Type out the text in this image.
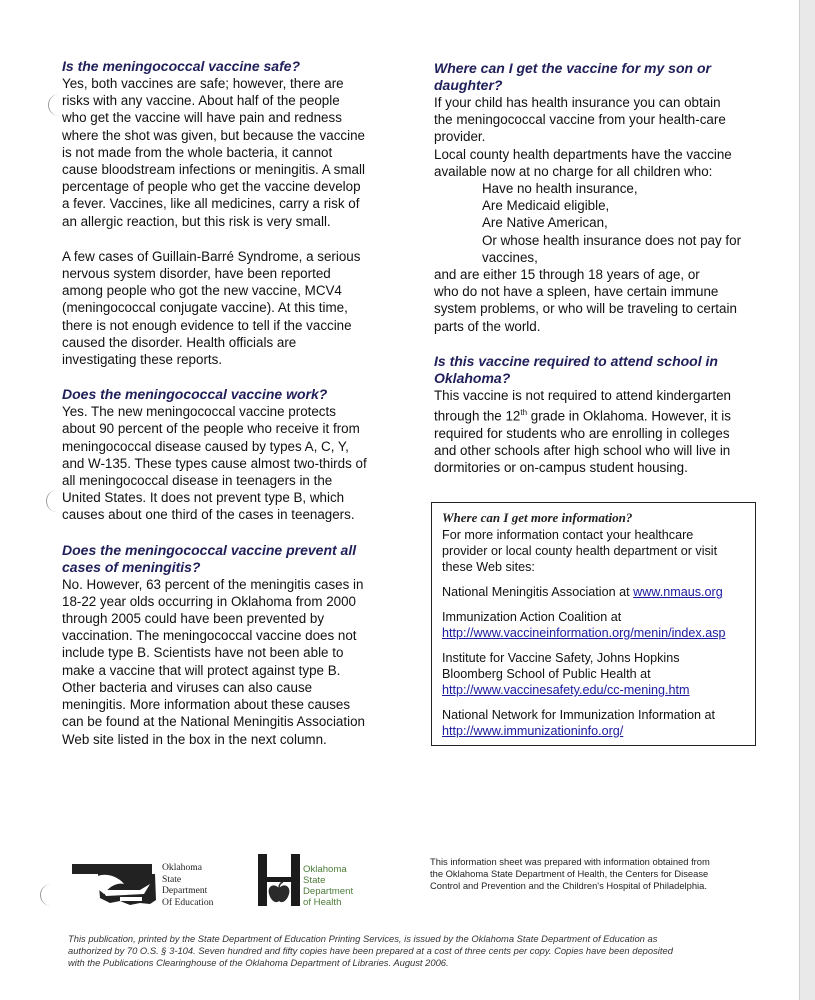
Is the meningococcal vaccine safe?
Yes, both vaccines are safe; however, there are
risks with any vaccine. About half of the people
who get the vaccine will have pain and redness
where the shot was given, but because the vaccine
is not made from the whole bacteria, it cannot
cause bloodstream infections or meningitis. A small
percentage of people who get the vaccine develop
a fever. Vaccines, like all medicines, carry a risk of
an allergic reaction, but this risk is very small.
A few cases of Guillain-Barré Syndrome, a serious
nervous system disorder, have been reported
among people who got the new vaccine, MCV4
(meningococcal conjugate vaccine). At this time,
there is not enough evidence to tell if the vaccine
caused the disorder. Health officials are
investigating these reports.
Does the meningococcal vaccine work?
Yes. The new meningococcal vaccine protects
about 90 percent of the people who receive it from
meningococcal disease caused by types A, C, Y,
and W-135. These types cause almost two-thirds of
all meningococcal disease in teenagers in the
United States. It does not prevent type B, which
causes about one third of the cases in teenagers.
Does the meningococcal vaccine prevent all
cases of meningitis?
No. However, 63 percent of the meningitis cases in
18-22 year olds occurring in Oklahoma from 2000
through 2005 could have been prevented by
vaccination. The meningococcal vaccine does not
include type B. Scientists have not been able to
make a vaccine that will protect against type B.
Other bacteria and viruses can also cause
meningitis. More information about these causes
can be found at the National Meningitis Association
Web site listed in the box in the next column.
Where can I get the vaccine for my son or
daughter?
If your child has health insurance you can obtain
the meningococcal vaccine from your health-care
provider.
Local county health departments have the vaccine
available now at no charge for all children who:
Have no health insurance,
Are Medicaid eligible,
Are Native American,
Or whose health insurance does not pay for
vaccines,
and are either 15 through 18 years of age, or
who do not have a spleen, have certain immune
system problems, or who will be traveling to certain
parts of the world.
Is this vaccine required to attend school in
Oklahoma?
This vaccine is not required to attend kindergarten
through the 12th grade in Oklahoma. However, it is
required for students who are enrolling in colleges
and other schools after high school who will live in
dormitories or on-campus student housing.
Where can I get more information?
For more information contact your healthcare
provider or local county health department or visit
these Web sites:
National Meningitis Association at www.nmaus.org
Immunization Action Coalition at
http://www.vaccineinformation.org/menin/index.asp
Institute for Vaccine Safety, Johns Hopkins
Bloomberg School of Public Health at
http://www.vaccinesafety.edu/cc-mening.htm
National Network for Immunization Information at
http://www.immunizationinfo.org/
Oklahoma
State
Department
Of Education
Oklahoma
State
Department
of Health
This information sheet was prepared with information obtained from
the Oklahoma State Department of Health, the Centers for Disease
Control and Prevention and the Children's Hospital of Philadelphia.
This publication, printed by the State Department of Education Printing Services, is issued by the Oklahoma State Department of Education as
authorized by 70 O.S. § 3-104. Seven hundred and fifty copies have been prepared at a cost of three cents per copy. Copies have been deposited
with the Publications Clearinghouse of the Oklahoma Department of Libraries. August 2006.
